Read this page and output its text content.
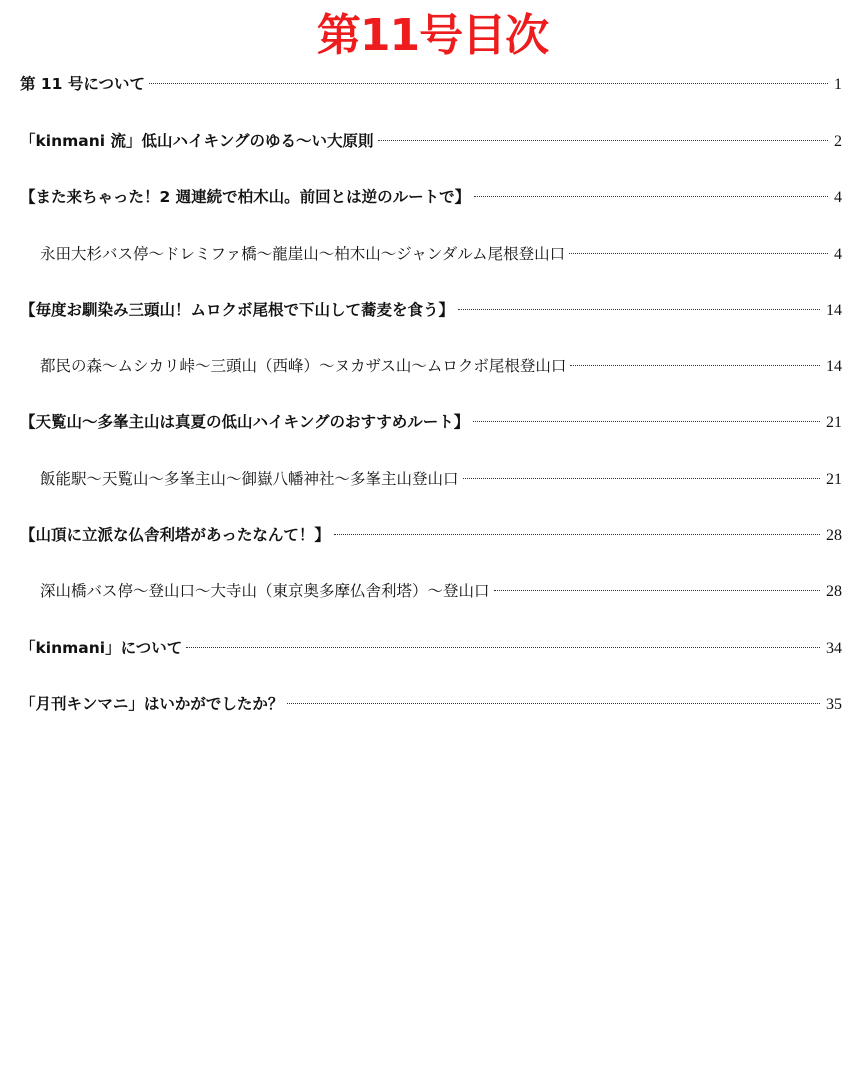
第11号目次
第 11 号について	1
「kinmani 流」低山ハイキングのゆる～い大原則	2
【また来ちゃった！2 週連続で柏木山。前回とは逆のルートで】	4
永田大杉バス停～ドレミファ橋～龍崖山～柏木山～ジャンダルム尾根登山口	4
【毎度お馴染み三頭山！ムロクボ尾根で下山して蕎麦を食う】	14
都民の森～ムシカリ峠～三頭山（西峰）～ヌカザス山～ムロクボ尾根登山口	14
【天覧山～多峯主山は真夏の低山ハイキングのおすすめルート】	21
飯能駅～天覧山～多峯主山～御嶽八幡神社～多峯主山登山口	21
【山頂に立派な仏舎利塔があったなんて！】	28
深山橋バス停～登山口～大寺山（東京奥多摩仏舎利塔）～登山口	28
「kinmani」について	34
「月刊キンマニ」はいかがでしたか？	35
